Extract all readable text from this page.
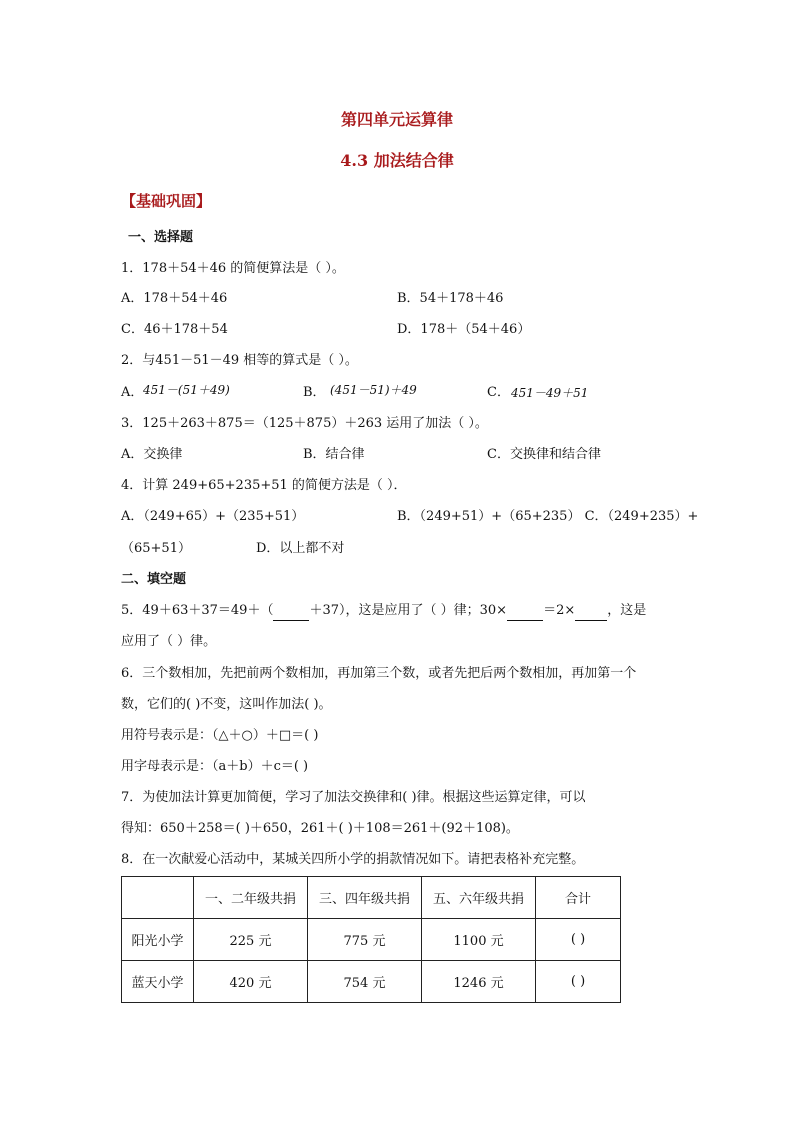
第四单元运算律
4.3 加法结合律
【基础巩固】
一、选择题
1．178＋54＋46 的简便算法是（ ）。
A．178＋54＋46	B．54＋178＋46
C．46＋178＋54	D．178＋（54＋46）
2．与451－51－49 相等的算式是（ ）。
A． 451－(51＋49)	B． (451－51)＋49	C． 451－49＋51
3．125＋263＋875＝（125＋875）＋263 运用了加法（ ）。
A．交换律	B．结合律	C．交换律和结合律
4．计算 249+65+235+51 的简便方法是（ ）．
A．（249+65）+（235+51）	B．（249+51）+（65+235） C．（249+235）+
（65+51）	D．以上都不对
二、填空题
5．49＋63＋37＝49＋（	＋37），这是应用了（ ）律；30×	＝2× ，这是
应用了（ ）律。
6．三个数相加，先把前两个数相加，再加第三个数，或者先把后两个数相加，再加第一个
数，它们的( )不变，这叫作加法( )。
用符号表示是：（△＋○）＋□＝( )
用字母表示是：（a＋b）＋c＝( )
7．为使加法计算更加简便，学习了加法交换律和( )律。根据这些运算定律，可以
得知：650＋258＝( )＋650，261＋( )＋108＝261＋(92＋108)。
8．在一次献爱心活动中，某城关四所小学的捐款情况如下。请把表格补充完整。
	一、二年级共捐	三、四年级共捐	五、六年级共捐	合计
阳光小学	225 元	775 元	1100 元	( )
蓝天小学	420 元	754 元	1246 元	( )
